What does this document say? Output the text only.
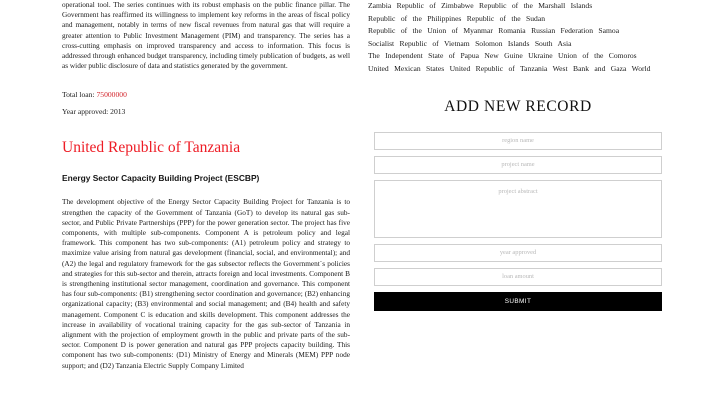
operational tool. The series continues with its robust emphasis on the public finance pillar. The Government has reaffirmed its willingness to implement key reforms in the areas of fiscal policy and management, notably in terms of new fiscal revenues from natural gas that will require a greater attention to Public Investment Management (PIM) and transparency. The series has a cross-cutting emphasis on improved transparency and access to information. This focus is addressed through enhanced budget transparency, including timely publication of budgets, as well as wider public disclosure of data and statistics generated by the government.

Total loan: 75000000

Year approved: 2013

United Republic of Tanzania
Energy Sector Capacity Building Project (ESCBP)

The development objective of the Energy Sector Capacity Building Project for Tanzania is to strengthen the capacity of the Government of Tanzania (GoT) to develop its natural gas sub-sector, and Public Private Partnerships (PPP) for the power generation sector. The project has five components, with multiple sub-components. Component A is petroleum policy and legal framework. This component has two sub-components: (A1) petroleum policy and strategy to maximize value arising from natural gas development (financial, social, and environmental); and (A2) the legal and regulatory framework for the gas subsector reflects the Government`s policies and strategies for this sub-sector and therein, attracts foreign and local investments. Component B is strengthening institutional sector management, coordination and governance. This component has four sub-components: (B1) strengthening sector coordination and governance; (B2) enhancing organizational capacity; (B3) environmental and social management; and (B4) health and safety management. Component C is education and skills development. This component addresses the increase in availability of vocational training capacity for the gas sub-sector of Tanzania in alignment with the projection of employment growth in the public and private parts of the sub-sector. Component D is power generation and natural gas PPP projects capacity building. This component has two sub-components: (D1) Ministry of Energy and Minerals (MEM) PPP node support; and (D2) Tanzania Electric Supply Company Limited

Zambia Republic of Zimbabwe Republic of the Marshall Islands Republic of the Philippines Republic of the Sudan Republic of the Union of Myanmar Romania Russian Federation Samoa Socialist Republic of Vietnam Solomon Islands South Asia The Independent State of Papua New Guine Ukraine Union of the Comoros United Mexican States United Republic of Tanzania West Bank and Gaza World

ADD NEW RECORD
region name
project name
project abstract
year approved
loan amount
SUBMIT
